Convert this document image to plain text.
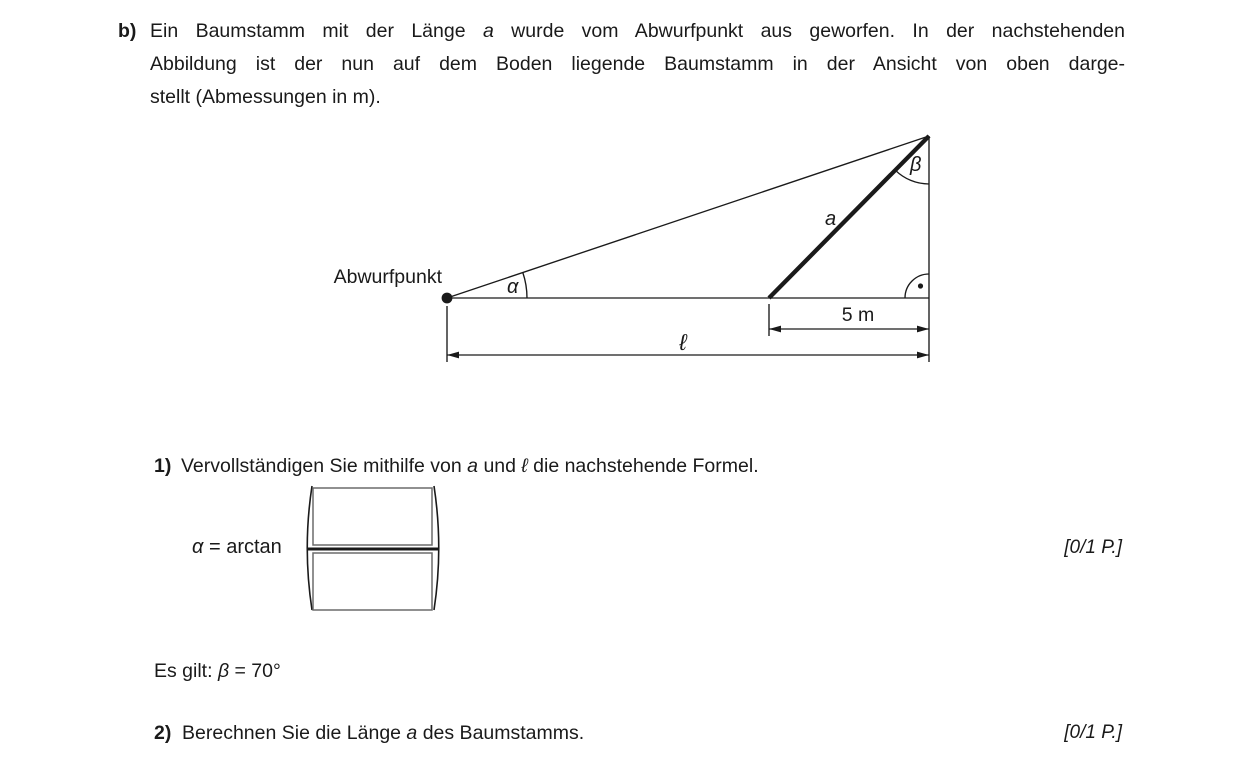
b) Ein Baumstamm mit der Länge a wurde vom Abwurfpunkt aus geworfen. In der nachstehenden
Abbildung ist der nun auf dem Boden liegende Baumstamm in der Ansicht von oben darge-
stellt (Abmessungen in m).
Abwurfpunkt	α
β
a
5 m
ℓ
1) Vervollständigen Sie mithilfe von a und ℓ die nachstehende Formel.
α = arctan	[0/1 P.]
Es gilt: β = 70°
2) Berechnen Sie die Länge a des Baumstamms.	[0/1 P.]
